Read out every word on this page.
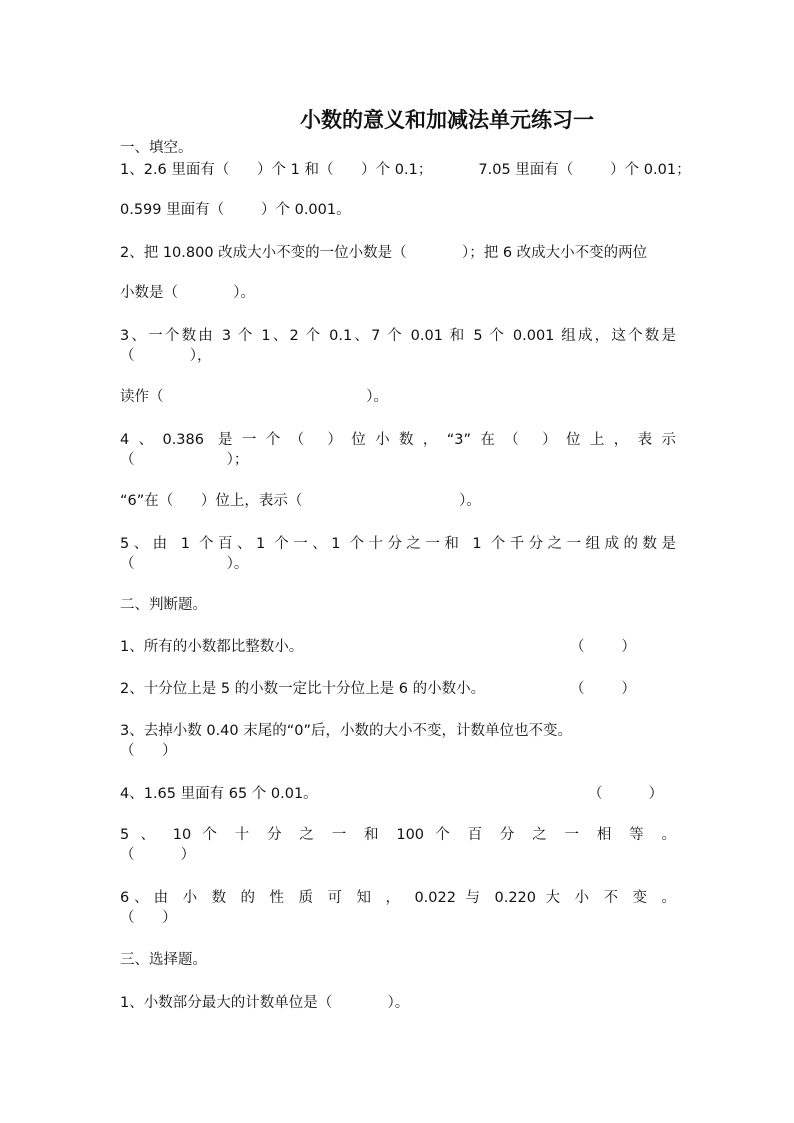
小数的意义和加减法单元练习一
一、填空。
1、2.6 里面有（      ）个 1 和（      ）个 0.1；          7.05 里面有（        ）个 0.01；
0.599 里面有（        ）个 0.001。
2、把 10.800 改成大小不变的一位小数是（            ）；把 6 改成大小不变的两位
小数是（            ）。
3、一个数由 3 个 1、2 个 0.1、7 个 0.01 和 5 个 0.001 组成，这个数是
（            ），
读作（                                            ）。
4、0.386 是一个（ ）位小数，“3”在（ ）位上，表示
（                    ）；
“6”在（      ）位上，表示（                                  ）。
5、由 1 个百、1 个一、1 个十分之一和 1 个千分之一组成的数是
（                    ）。
二、判断题。
1、所有的小数都比整数小。	（        ）
2、十分位上是 5 的小数一定比十分位上是 6 的小数小。	（        ）
3、去掉小数 0.40 末尾的“0”后，小数的大小不变，计数单位也不变。
（      ）
4、1.65 里面有 65 个 0.01。	（          ）
5 、 10 个 十 分 之 一 和 100 个 百 分 之 一 相 等 。
（          ）
6、由 小 数 的 性 质 可 知 ， 0.022 与 0.220 大 小 不 变 。
（      ）
三、选择题。
1、小数部分最大的计数单位是（            ）。
